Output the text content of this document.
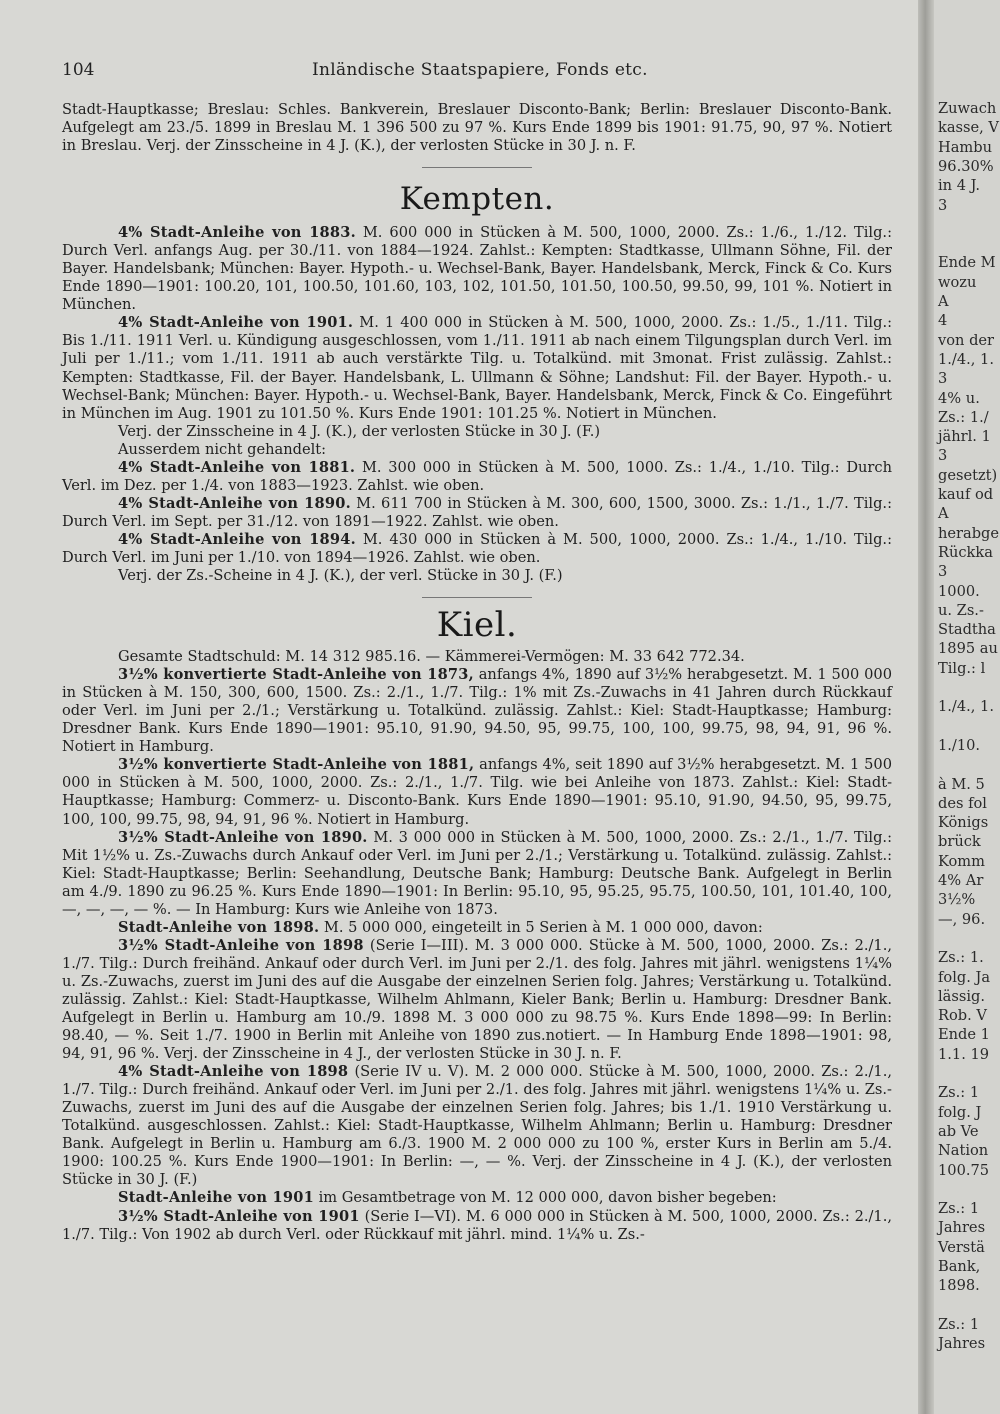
104	Inländische Staatspapiere, Fonds etc.

Stadt-Hauptkasse; Breslau: Schles. Bankverein, Breslauer Disconto-Bank; Berlin: Breslauer Disconto-Bank. Aufgelegt am 23./5. 1899 in Breslau M. 1 396 500 zu 97 %. Kurs Ende 1899 bis 1901: 91.75, 90, 97 %. Notiert in Breslau. Verj. der Zinsscheine in 4 J. (K.), der verlosten Stücke in 30 J. n. F.

Kempten.

4% Stadt-Anleihe von 1883. M. 600 000 in Stücken à M. 500, 1000, 2000. Zs.: 1./6., 1./12. Tilg.: Durch Verl. anfangs Aug. per 30./11. von 1884—1924. Zahlst.: Kempten: Stadtkasse, Ullmann Söhne, Fil. der Bayer. Handelsbank; München: Bayer. Hypoth.- u. Wechsel-Bank, Bayer. Handelsbank, Merck, Finck & Co. Kurs Ende 1890—1901: 100.20, 101, 100.50, 101.60, 103, 102, 101.50, 101.50, 100.50, 99.50, 99, 101 %. Notiert in München.

4% Stadt-Anleihe von 1901. M. 1 400 000 in Stücken à M. 500, 1000, 2000. Zs.: 1./5., 1./11. Tilg.: Bis 1./11. 1911 Verl. u. Kündigung ausgeschlossen, vom 1./11. 1911 ab nach einem Tilgungsplan durch Verl. im Juli per 1./11.; vom 1./11. 1911 ab auch verstärkte Tilg. u. Totalkünd. mit 3monat. Frist zulässig. Zahlst.: Kempten: Stadtkasse, Fil. der Bayer. Handelsbank, L. Ullmann & Söhne; Landshut: Fil. der Bayer. Hypoth.- u. Wechsel-Bank; München: Bayer. Hypoth.- u. Wechsel-Bank, Bayer. Handelsbank, Merck, Finck & Co. Eingeführt in München im Aug. 1901 zu 101.50 %. Kurs Ende 1901: 101.25 %. Notiert in München.

Verj. der Zinsscheine in 4 J. (K.), der verlosten Stücke in 30 J. (F.)

Ausserdem nicht gehandelt:

4% Stadt-Anleihe von 1881. M. 300 000 in Stücken à M. 500, 1000. Zs.: 1./4., 1./10. Tilg.: Durch Verl. im Dez. per 1./4. von 1883—1923. Zahlst. wie oben.

4% Stadt-Anleihe von 1890. M. 611 700 in Stücken à M. 300, 600, 1500, 3000. Zs.: 1./1., 1./7. Tilg.: Durch Verl. im Sept. per 31./12. von 1891—1922. Zahlst. wie oben.

4% Stadt-Anleihe von 1894. M. 430 000 in Stücken à M. 500, 1000, 2000. Zs.: 1./4., 1./10. Tilg.: Durch Verl. im Juni per 1./10. von 1894—1926. Zahlst. wie oben.

Verj. der Zs.-Scheine in 4 J. (K.), der verl. Stücke in 30 J. (F.)

Kiel.

Gesamte Stadtschuld: M. 14 312 985.16. — Kämmerei-Vermögen: M. 33 642 772.34.

3½% konvertierte Stadt-Anleihe von 1873, anfangs 4%, 1890 auf 3½% herabgesetzt. M. 1 500 000 in Stücken à M. 150, 300, 600, 1500. Zs.: 2./1., 1./7. Tilg.: 1% mit Zs.-Zuwachs in 41 Jahren durch Rückkauf oder Verl. im Juni per 2./1.; Verstärkung u. Totalkünd. zulässig. Zahlst.: Kiel: Stadt-Hauptkasse; Hamburg: Dresdner Bank. Kurs Ende 1890—1901: 95.10, 91.90, 94.50, 95, 99.75, 100, 100, 99.75, 98, 94, 91, 96 %. Notiert in Hamburg.

3½% konvertierte Stadt-Anleihe von 1881, anfangs 4%, seit 1890 auf 3½% herabgesetzt. M. 1 500 000 in Stücken à M. 500, 1000, 2000. Zs.: 2./1., 1./7. Tilg. wie bei Anleihe von 1873. Zahlst.: Kiel: Stadt-Hauptkasse; Hamburg: Commerz- u. Disconto-Bank. Kurs Ende 1890—1901: 95.10, 91.90, 94.50, 95, 99.75, 100, 100, 99.75, 98, 94, 91, 96 %. Notiert in Hamburg.

3½% Stadt-Anleihe von 1890. M. 3 000 000 in Stücken à M. 500, 1000, 2000. Zs.: 2./1., 1./7. Tilg.: Mit 1½% u. Zs.-Zuwachs durch Ankauf oder Verl. im Juni per 2./1.; Verstärkung u. Totalkünd. zulässig. Zahlst.: Kiel: Stadt-Hauptkasse; Berlin: Seehandlung, Deutsche Bank; Hamburg: Deutsche Bank. Aufgelegt in Berlin am 4./9. 1890 zu 96.25 %. Kurs Ende 1890—1901: In Berlin: 95.10, 95, 95.25, 95.75, 100.50, 101, 101.40, 100, —, —, —, — %. — In Hamburg: Kurs wie Anleihe von 1873.

Stadt-Anleihe von 1898. M. 5 000 000, eingeteilt in 5 Serien à M. 1 000 000, davon:

3½% Stadt-Anleihe von 1898 (Serie I—III). M. 3 000 000. Stücke à M. 500, 1000, 2000. Zs.: 2./1., 1./7. Tilg.: Durch freihänd. Ankauf oder durch Verl. im Juni per 2./1. des folg. Jahres mit jährl. wenigstens 1¼% u. Zs.-Zuwachs, zuerst im Juni des auf die Ausgabe der einzelnen Serien folg. Jahres; Verstärkung u. Totalkünd. zulässig. Zahlst.: Kiel: Stadt-Hauptkasse, Wilhelm Ahlmann, Kieler Bank; Berlin u. Hamburg: Dresdner Bank. Aufgelegt in Berlin u. Hamburg am 10./9. 1898 M. 3 000 000 zu 98.75 %. Kurs Ende 1898—99: In Berlin: 98.40, — %. Seit 1./7. 1900 in Berlin mit Anleihe von 1890 zus.notiert. — In Hamburg Ende 1898—1901: 98, 94, 91, 96 %. Verj. der Zinsscheine in 4 J., der verlosten Stücke in 30 J. n. F.

4% Stadt-Anleihe von 1898 (Serie IV u. V). M. 2 000 000. Stücke à M. 500, 1000, 2000. Zs.: 2./1., 1./7. Tilg.: Durch freihänd. Ankauf oder Verl. im Juni per 2./1. des folg. Jahres mit jährl. wenigstens 1¼% u. Zs.-Zuwachs, zuerst im Juni des auf die Ausgabe der einzelnen Serien folg. Jahres; bis 1./1. 1910 Verstärkung u. Totalkünd. ausgeschlossen. Zahlst.: Kiel: Stadt-Hauptkasse, Wilhelm Ahlmann; Berlin u. Hamburg: Dresdner Bank. Aufgelegt in Berlin u. Hamburg am 6./3. 1900 M. 2 000 000 zu 100 %, erster Kurs in Berlin am 5./4. 1900: 100.25 %. Kurs Ende 1900—1901: In Berlin: —, — %. Verj. der Zinsscheine in 4 J. (K.), der verlosten Stücke in 30 J. (F.)

Stadt-Anleihe von 1901 im Gesamtbetrage von M. 12 000 000, davon bisher begeben:

3½% Stadt-Anleihe von 1901 (Serie I—VI). M. 6 000 000 in Stücken à M. 500, 1000, 2000. Zs.: 2./1., 1./7. Tilg.: Von 1902 ab durch Verl. oder Rückkauf mit jährl. mind. 1¼% u. Zs.-

Zuwach
kasse, V
Hambu
96.30%
in 4 J.
3
Ende M
wozu
A
4
von der
1./4., 1.
3
4% u.
Zs.: 1./
jährl. 1
3
gesetzt)
kauf od
A
herabge
Rückka
3
1000.
u. Zs.-
Stadtha
1895 au
Tilg.: l
1./4., 1.
1./10.
à M. 5
des fol
Königs
brück
Komm
4% Ar
3½%
—, 96.
Zs.: 1.
folg. Ja
lässig.
Rob. V
Ende 1
1.1. 19
Zs.: 1
folg. J
ab Ve
Nation
100.75
Zs.: 1
Jahres
Verstä
Bank,
1898.
Zs.: 1
Jahres
